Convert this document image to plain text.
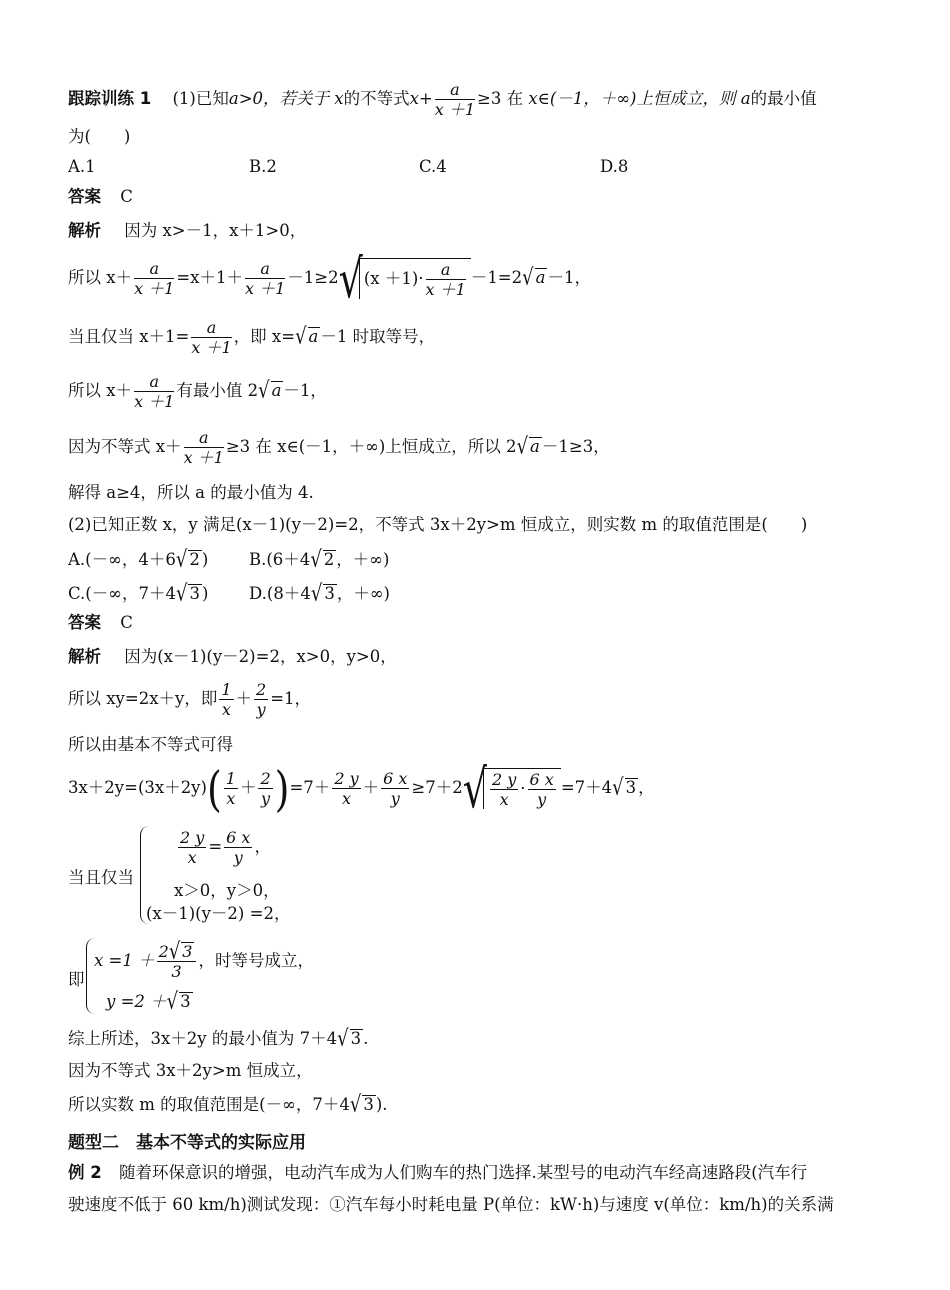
跟踪训练 1 (1)已知a>0，若关于 x的不等式$x+ \frac{a}{x +1} \ge 3$ 在 x∈(－1，＋∞)上恒成立，则 a的最小值
为(　　)
A.1	B.2	C.4	D.8
答案 C
解析 因为 x>－1，x＋1>0，
所以 $x+ \frac{a}{x +1} =x+1+ \frac{a}{x +1} -1\ge 2√(x +1)\cdot \frac{a}{x +1} -1=2√$ a －1，
当且仅当 $x+1= \frac{a}{x +1}$ ，即 x=√ a －1 时取等号，
所以 $x+ \frac{a}{x +1}$ 有最小值 2√ a －1，
因为不等式 $x+ \frac{a}{x +1} \ge 3$ 在 x∈(－1，＋∞)上恒成立，所以 2√ a －1≥3，
解得 a≥4，所以 a 的最小值为 4.
(2)已知正数 x，y 满足(x－1)(y－2)=2，不等式 3x＋2y>m 恒成立，则实数 m 的取值范围是(　　)
A.(－∞，4＋6√ 2 ) B.(6＋4√ 2 ，＋∞)
C.(－∞，7＋4√ 3 ) D.(8＋4√ 3 ，＋∞)
答案 C
解析 因为(x－1)(y－2)=2，x>0，y>0，
所以 xy=2x＋y，即 $\frac{1}{x} + \frac{2}{y} =1$，
所以由基本不等式可得
$3x+2y=(3x+2y)( \frac{1}{x} + \frac{2}{y} )=7+ \frac{2 y}{x} + \frac{6 x}{y} \ge 7+2√ \frac{2 y}{x} \cdot \frac{6 x}{y} =7+4√$ 3 ，
当且仅当
$\frac{2 y}{x} = \frac{6 x}{y}$ ，
x＞0，y＞0，
(x－1)(y－2) =2，
即
$x =1 + \frac{2√ 3}{3}$ ，时等号成立，
y =2 ＋√ 3
综上所述，3x＋2y 的最小值为 7＋4√ 3 .
因为不等式 3x＋2y>m 恒成立，
所以实数 m 的取值范围是(－∞，7＋4√ 3 ).
题型二　基本不等式的实际应用
例 2 随着环保意识的增强，电动汽车成为人们购车的热门选择.某型号的电动汽车经高速路段(汽车行
驶速度不低于 60 km/h)测试发现：①汽车每小时耗电量 P(单位：kW·h)与速度 v(单位：km/h)的关系满
